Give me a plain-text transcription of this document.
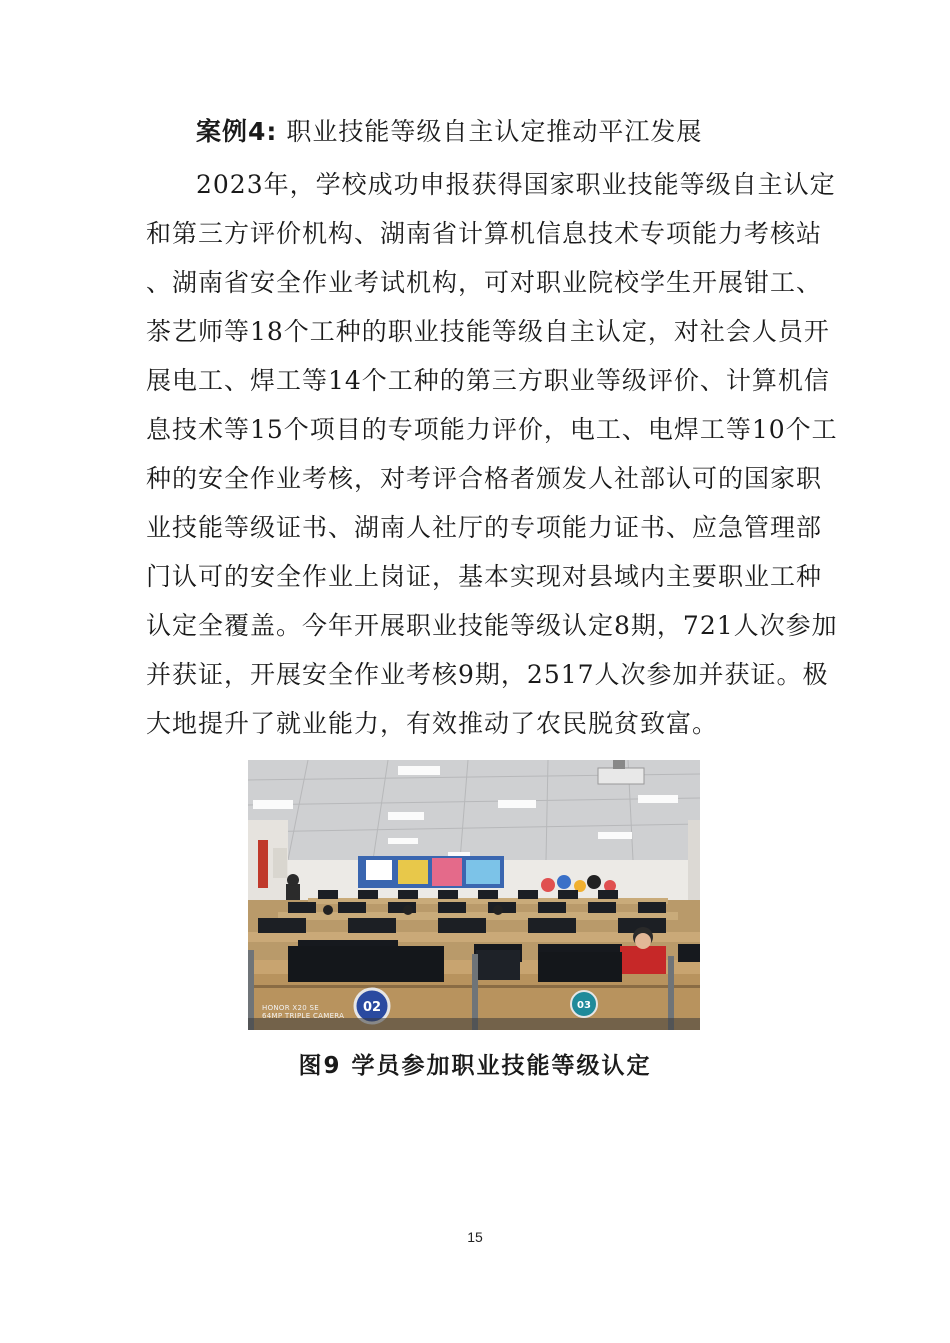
案例4: 职业技能等级自主认定推动平江发展
2023年，学校成功申报获得国家职业技能等级自主认定
和第三方评价机构、湖南省计算机信息技术专项能力考核站
、湖南省安全作业考试机构，可对职业院校学生开展钳工、
茶艺师等18个工种的职业技能等级自主认定，对社会人员开
展电工、焊工等14个工种的第三方职业等级评价、计算机信
息技术等15个项目的专项能力评价，电工、电焊工等10个工
种的安全作业考核，对考评合格者颁发人社部认可的国家职
业技能等级证书、湖南人社厅的专项能力证书、应急管理部
门认可的安全作业上岗证，基本实现对县域内主要职业工种
认定全覆盖。今年开展职业技能等级认定8期，721人次参加
并获证，开展安全作业考核9期，2517人次参加并获证。极
大地提升了就业能力，有效推动了农民脱贫致富。
02	03
HONOR X20 SE
64MP TRIPLE CAMERA
图9 学员参加职业技能等级认定
15
